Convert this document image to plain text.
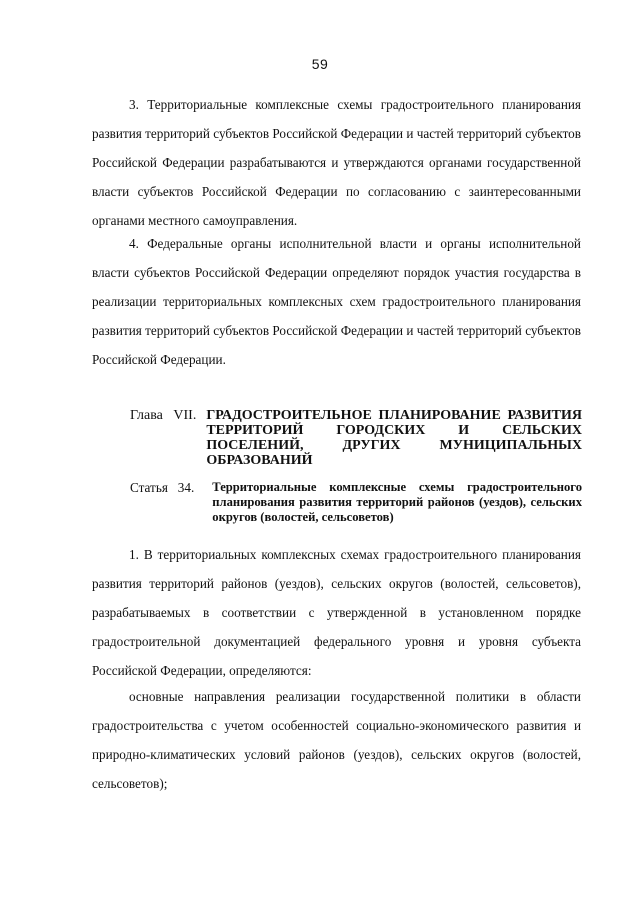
59

3. Территориальные комплексные схемы градостроительного планирования развития территорий субъектов Российской Федерации и частей территорий субъектов Российской Федерации разрабатываются и утверждаются органами государственной власти субъектов Российской Федерации по согласованию с заинтересованными органами местного самоуправления.

4. Федеральные органы исполнительной власти и органы исполнительной власти субъектов Российской Федерации определяют порядок участия государства в реализации территориальных комплексных схем градостроительного планирования развития территорий субъектов Российской Федерации и частей территорий субъектов Российской Федерации.

Глава   VII. ГРАДОСТРОИТЕЛЬНОЕ ПЛАНИРОВАНИЕ РАЗВИТИЯ ТЕРРИТОРИЙ ГОРОДСКИХ И СЕЛЬСКИХ ПОСЕЛЕНИЙ, ДРУГИХ МУНИЦИПАЛЬНЫХ ОБРАЗОВАНИЙ
Статья   34. Территориальные комплексные схемы градостроительного планирования развития территорий районов (уездов), сельских округов (волостей, сельсоветов)

1. В территориальных комплексных схемах градостроительного планирования развития территорий районов (уездов), сельских округов (волостей, сельсоветов), разрабатываемых в соответствии с утвержденной в установленном порядке градостроительной документацией федерального уровня и уровня субъекта Российской Федерации, определяются:

основные направления реализации государственной политики в области градостроительства с учетом особенностей социально-экономического развития и природно-климатических условий районов (уездов), сельских округов (волостей, сельсоветов);
